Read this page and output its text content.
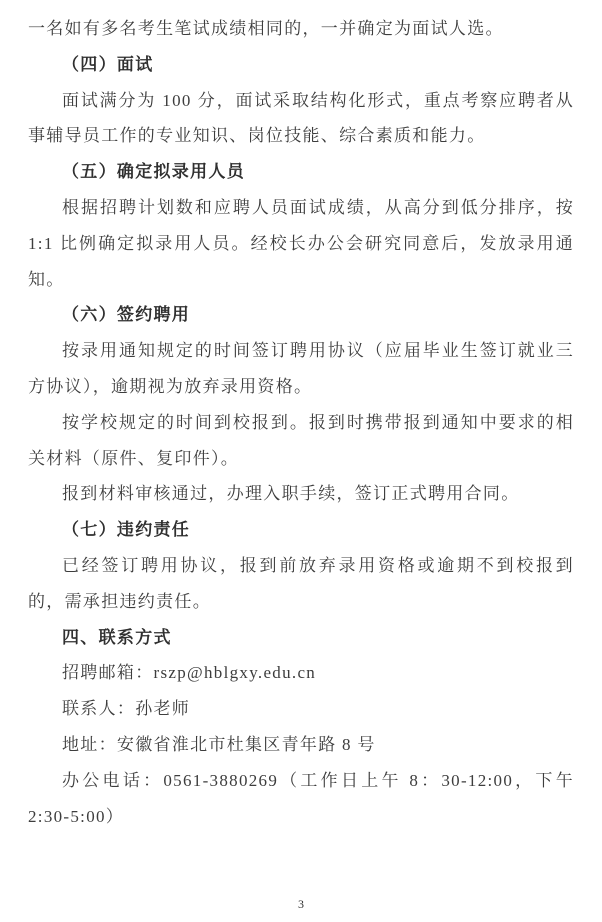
一名如有多名考生笔试成绩相同的，一并确定为面试人选。
（四）面试
面试满分为 100 分，面试采取结构化形式，重点考察应聘者从事辅导员工作的专业知识、岗位技能、综合素质和能力。
（五）确定拟录用人员
根据招聘计划数和应聘人员面试成绩，从高分到低分排序，按 1:1 比例确定拟录用人员。经校长办公会研究同意后，发放录用通知。
（六）签约聘用
按录用通知规定的时间签订聘用协议（应届毕业生签订就业三方协议），逾期视为放弃录用资格。
按学校规定的时间到校报到。报到时携带报到通知中要求的相关材料（原件、复印件）。
报到材料审核通过，办理入职手续，签订正式聘用合同。
（七）违约责任
已经签订聘用协议，报到前放弃录用资格或逾期不到校报到的，需承担违约责任。
四、联系方式
招聘邮箱：rszp@hblgxy.edu.cn
联系人：孙老师
地址：安徽省淮北市杜集区青年路 8 号
办公电话：0561-3880269（工作日上午 8：30-12:00，下午 2:30-5:00）
3
